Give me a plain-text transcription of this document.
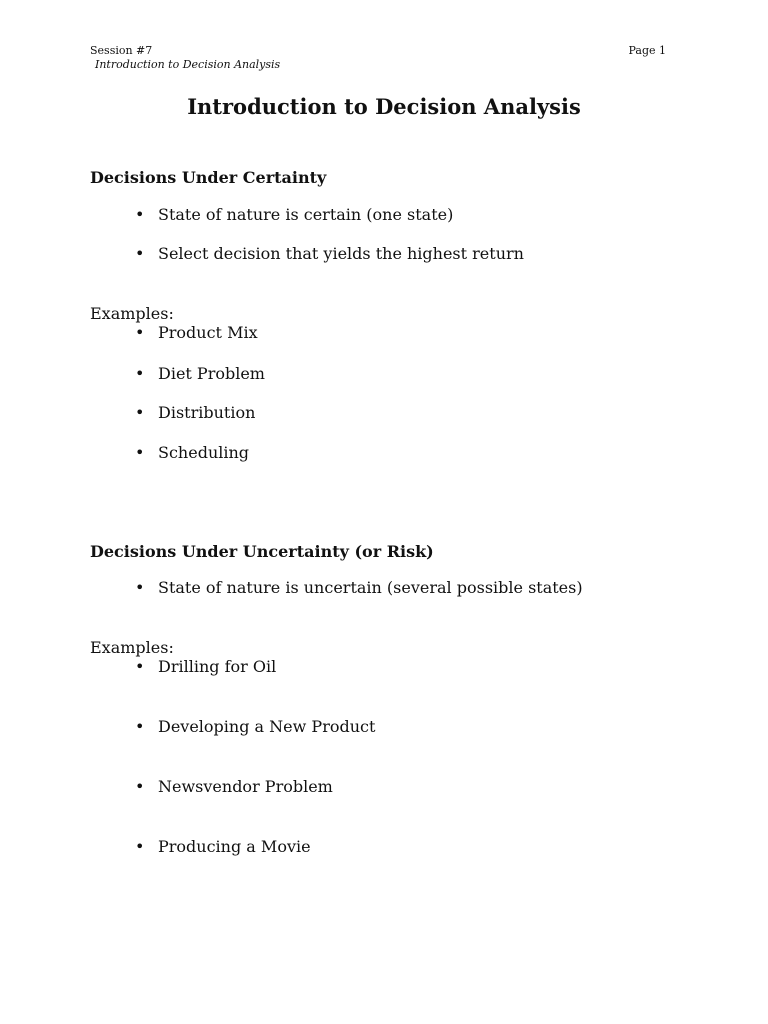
Session #7
Introduction to Decision Analysis
Page 1
Introduction to Decision Analysis
Decisions Under Certainty
• State of nature is certain (one state)
• Select decision that yields the highest return
Examples:
• Product Mix
• Diet Problem
• Distribution
• Scheduling
Decisions Under Uncertainty (or Risk)
• State of nature is uncertain (several possible states)
Examples:
• Drilling for Oil
• Developing a New Product
• Newsvendor Problem
• Producing a Movie
